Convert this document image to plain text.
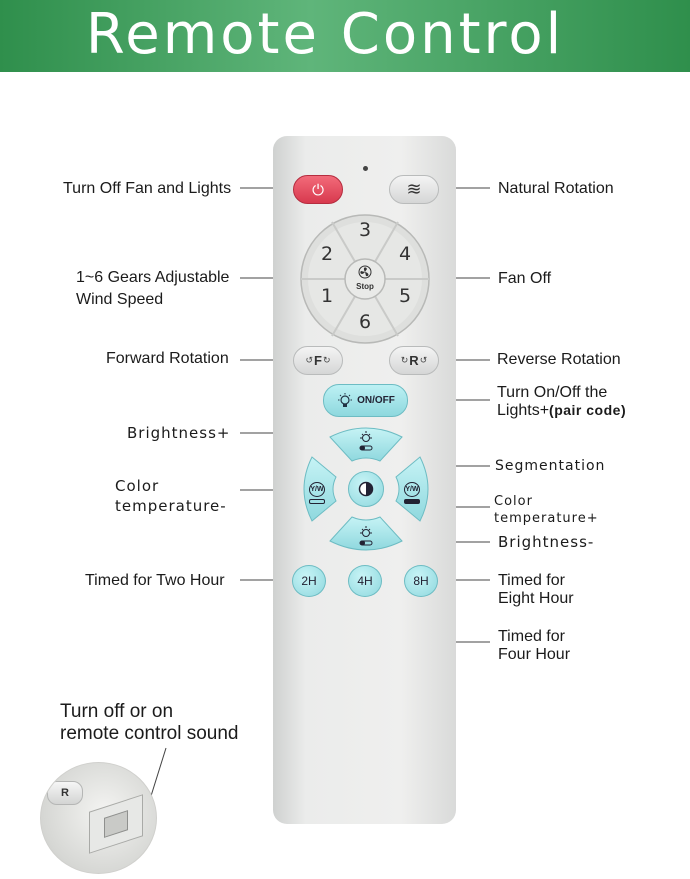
Remote Control
⏻	≋
3
2	4
1	5
6
Stop
↺ F ↻	↻ R ↺
ON/OFF
Y/W	Y/W
2H	4H	8H
Turn Off Fan and Lights	Natural Rotation
1~6 Gears Adjustable
Wind Speed
Fan Off
Forward Rotation	Reverse Rotation
Turn On/Off the
Lights+(pair code)
Brightness+
Segmentation
Color
temperature-	Color
temperature+
Brightness-
Timed for Two Hour	Timed for
Eight Hour
Timed for
Four Hour
Turn off or on
remote control sound
R
